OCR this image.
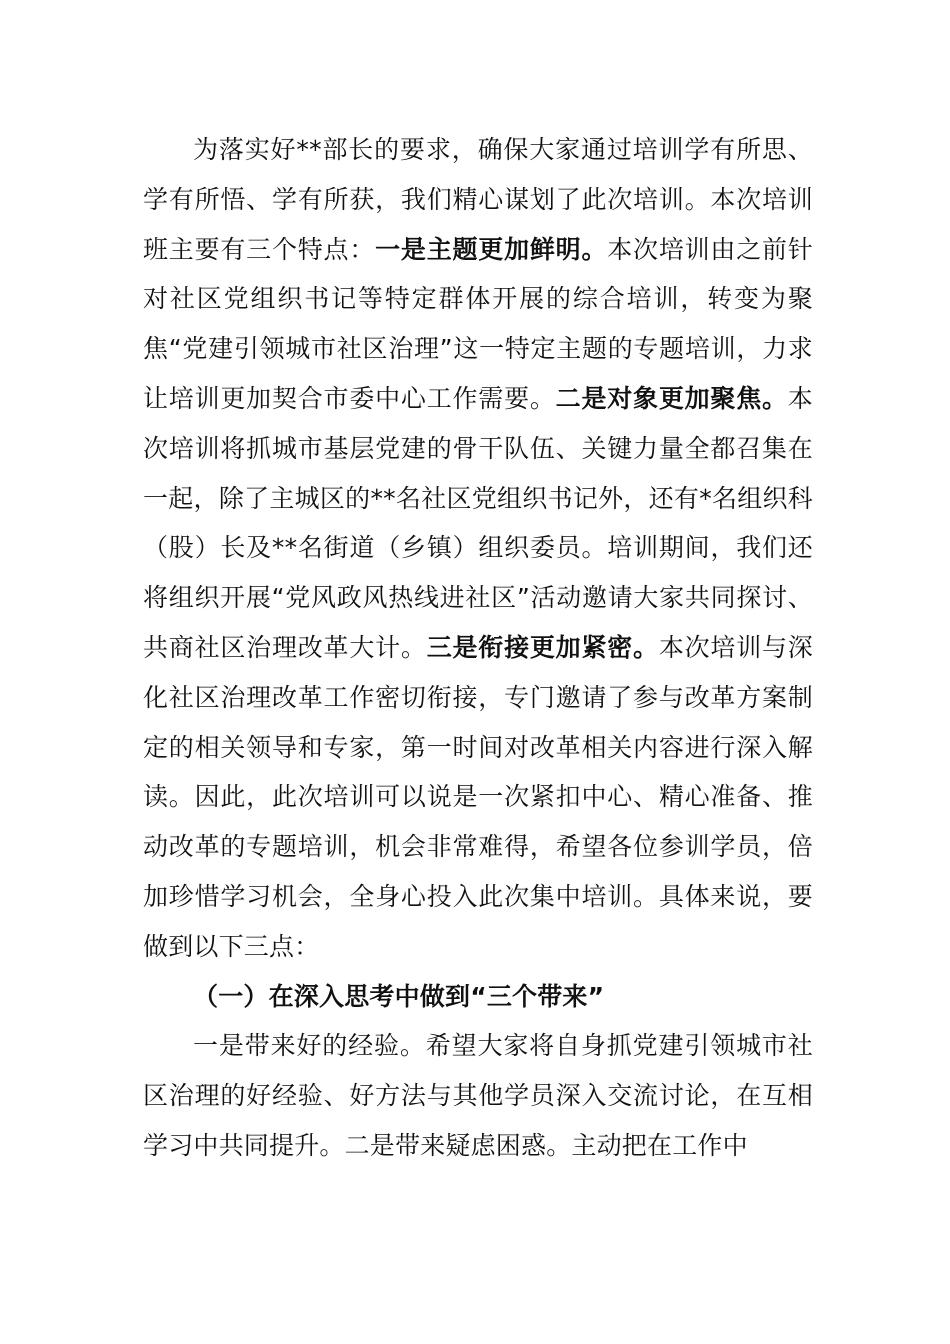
为落实好**部长的要求，确保大家通过培训学有所思、学有所悟、学有所获，我们精心谋划了此次培训。本次培训班主要有三个特点：一是主题更加鲜明。本次培训由之前针对社区党组织书记等特定群体开展的综合培训，转变为聚焦“党建引领城市社区治理”这一特定主题的专题培训，力求让培训更加契合市委中心工作需要。二是对象更加聚焦。本次培训将抓城市基层党建的骨干队伍、关键力量全都召集在一起，除了主城区的**名社区党组织书记外，还有*名组织科（股）长及**名街道（乡镇）组织委员。培训期间，我们还将组织开展“党风政风热线进社区”活动邀请大家共同探讨、共商社区治理改革大计。三是衔接更加紧密。本次培训与深化社区治理改革工作密切衔接，专门邀请了参与改革方案制定的相关领导和专家，第一时间对改革相关内容进行深入解读。因此，此次培训可以说是一次紧扣中心、精心准备、推动改革的专题培训，机会非常难得，希望各位参训学员，倍加珍惜学习机会，全身心投入此次集中培训。具体来说，要做到以下三点：

（一）在深入思考中做到“三个带来”

一是带来好的经验。希望大家将自身抓党建引领城市社区治理的好经验、好方法与其他学员深入交流讨论，在互相学习中共同提升。二是带来疑虑困惑。主动把在工作中
